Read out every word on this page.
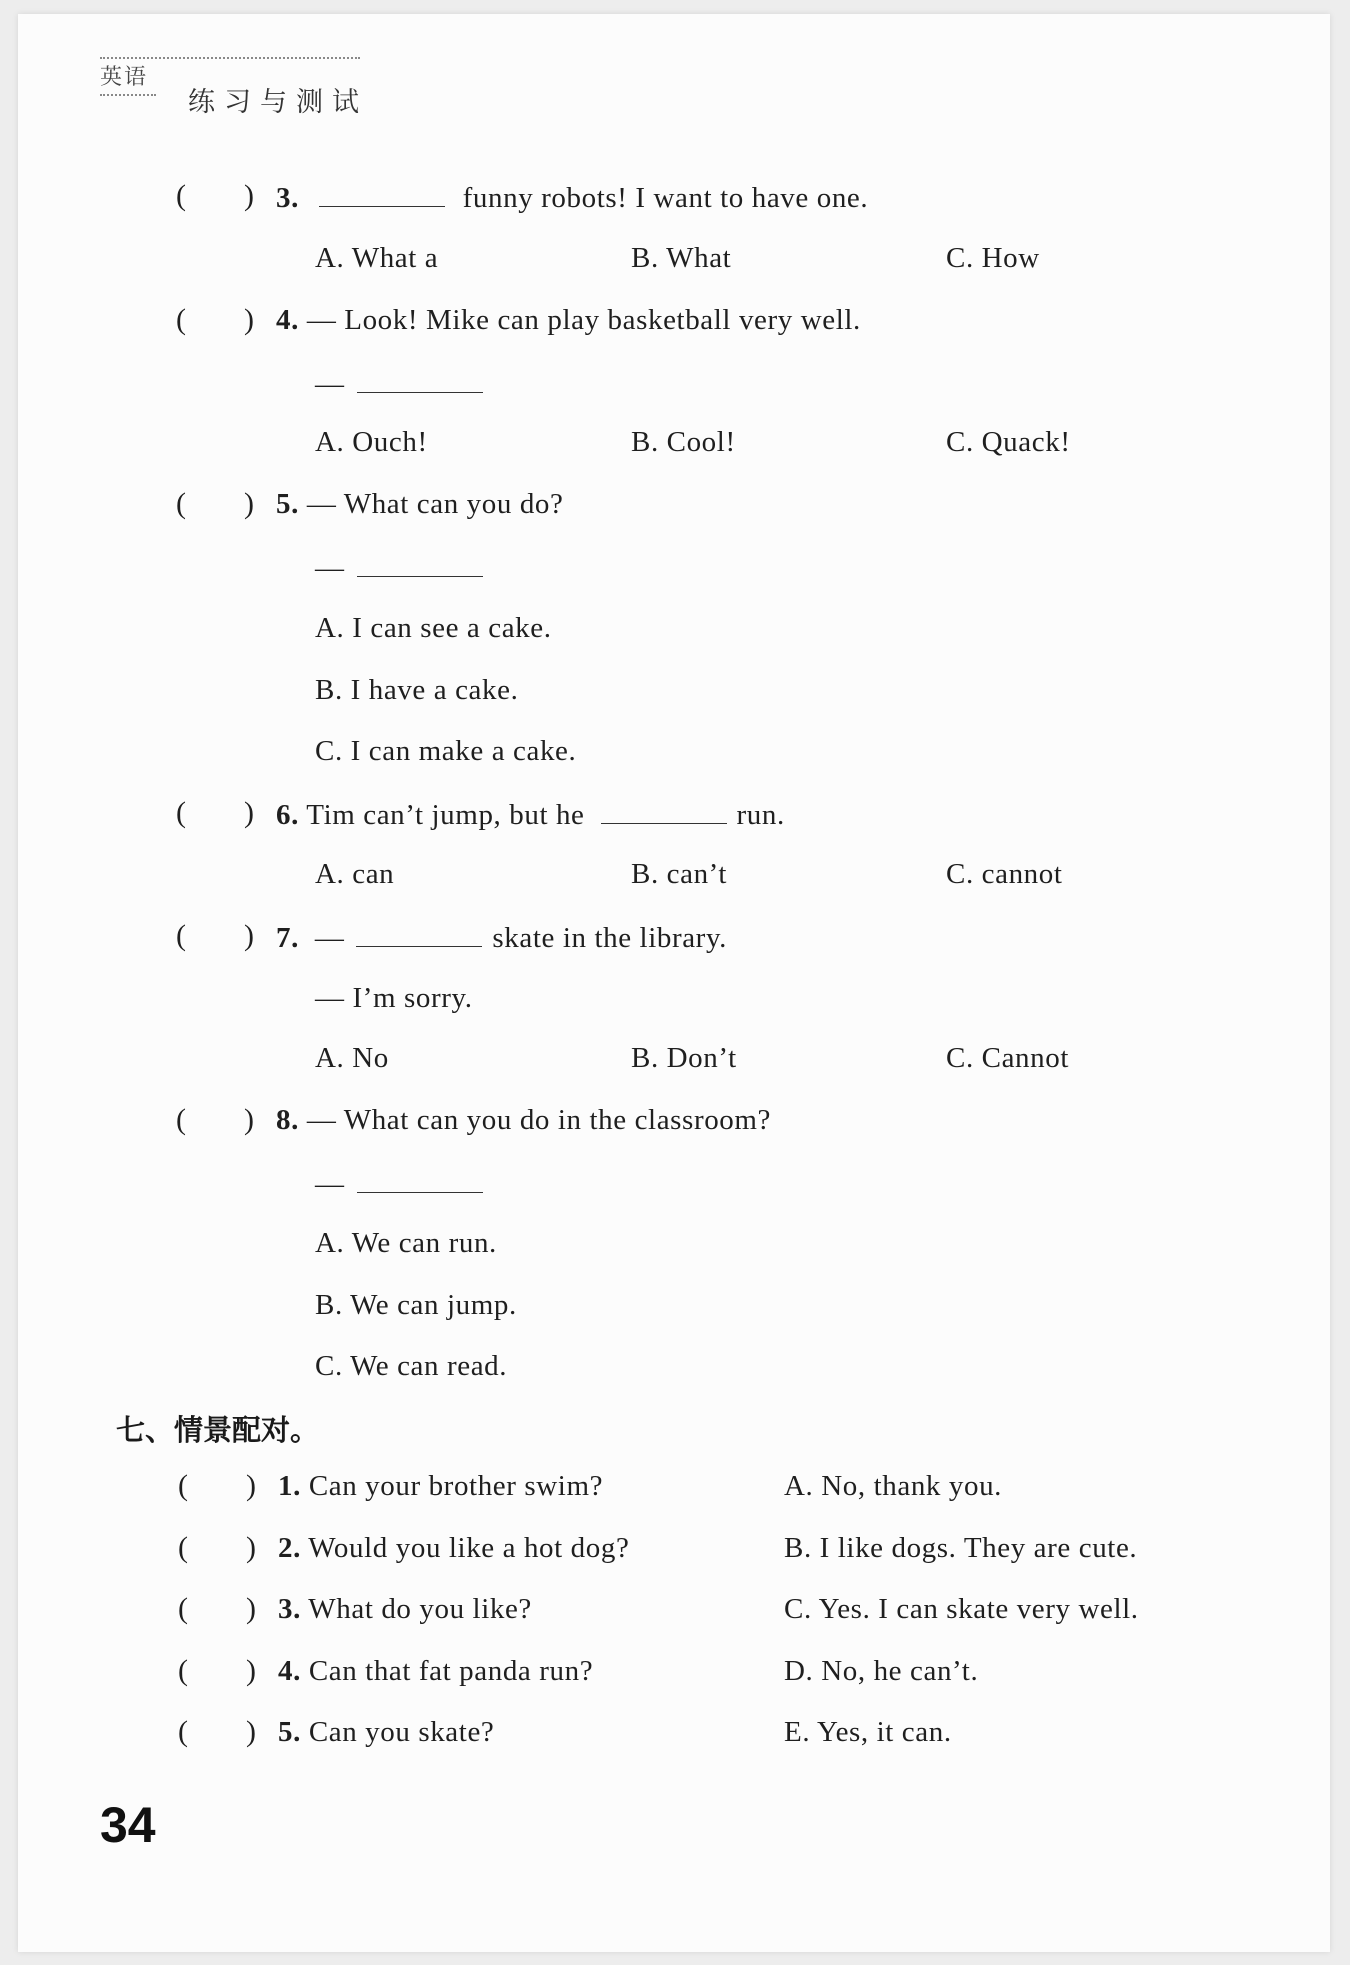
英语
练习与测试
( ) 3.	funny robots! I want to have one.
A. What a	B. What	C. How
( ) 4. — Look! Mike can play basketball very well.
—
A. Ouch!	B. Cool!	C. Quack!
( ) 5. — What can you do?
—
A. I can see a cake.
B. I have a cake.
C. I can make a cake.
( ) 6. Tim can’t jump, but he	run.
A. can	B. can’t	C. cannot
( ) 7. —	skate in the library.
— I’m sorry.
A. No	B. Don’t	C. Cannot
( ) 8. — What can you do in the classroom?
—
A. We can run.
B. We can jump.
C. We can read.
七、情景配对。
( ) 1. Can your brother swim?	A. No, thank you.
( ) 2. Would you like a hot dog?	B. I like dogs. They are cute.
( ) 3. What do you like?	C. Yes. I can skate very well.
( ) 4. Can that fat panda run?	D. No, he can’t.
( ) 5. Can you skate?	E. Yes, it can.
34
